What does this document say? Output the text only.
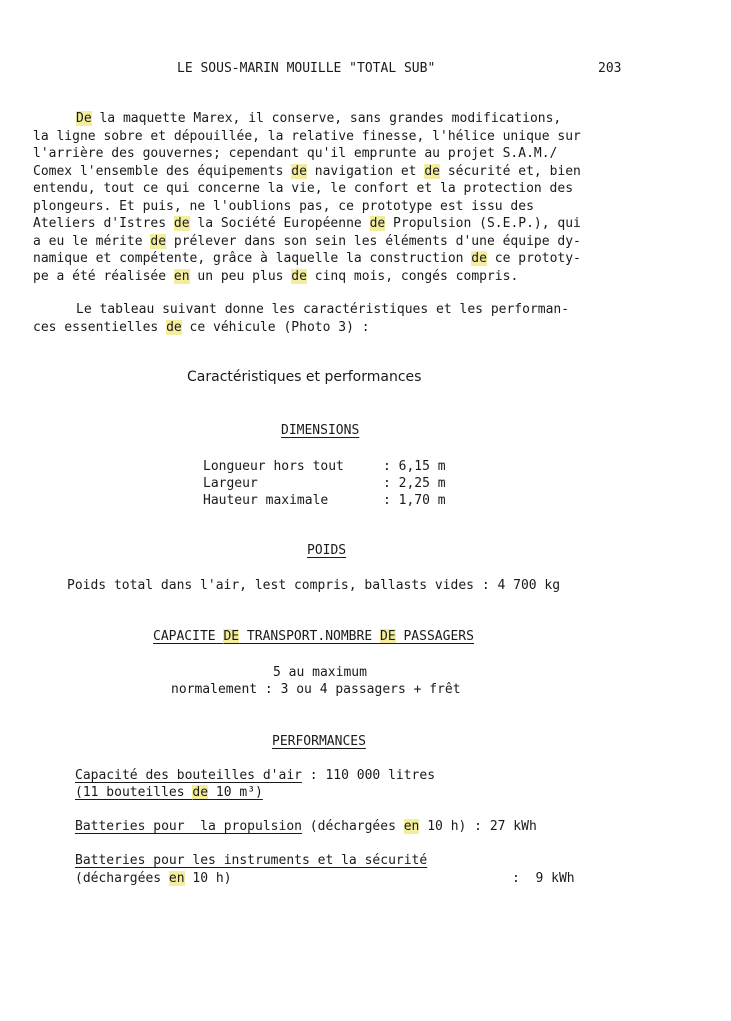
LE SOUS-MARIN MOUILLE "TOTAL SUB"	203
De la maquette Marex, il conserve, sans grandes modifications,
la ligne sobre et dépouillée, la relative finesse, l'hélice unique sur
l'arrière des gouvernes; cependant qu'il emprunte au projet S.A.M./
Comex l'ensemble des équipements de navigation et de sécurité et, bien
entendu, tout ce qui concerne la vie, le confort et la protection des
plongeurs. Et puis, ne l'oublions pas, ce prototype est issu des
Ateliers d'Istres de la Société Européenne de Propulsion (S.E.P.), qui
a eu le mérite de prélever dans son sein les éléments d'une équipe dy-
namique et compétente, grâce à laquelle la construction de ce prototy-
pe a été réalisée en un peu plus de cinq mois, congés compris.
Le tableau suivant donne les caractéristiques et les performan-
ces essentielles de ce véhicule (Photo 3) :
Caractéristiques et performances
DIMENSIONS
Longueur hors tout	: 6,15 m
Largeur	: 2,25 m
Hauteur maximale	: 1,70 m
POIDS
Poids total dans l'air, lest compris, ballasts vides : 4 700 kg
CAPACITE DE TRANSPORT.NOMBRE DE PASSAGERS
5 au maximum
normalement : 3 ou 4 passagers + frêt
PERFORMANCES
Capacité des bouteilles d'air : 110 000 litres
(11 bouteilles de 10 m³)
Batteries pour  la propulsion (déchargées en 10 h) : 27 kWh
Batteries pour les instruments et la sécurité
(déchargées en 10 h)	:  9 kWh
